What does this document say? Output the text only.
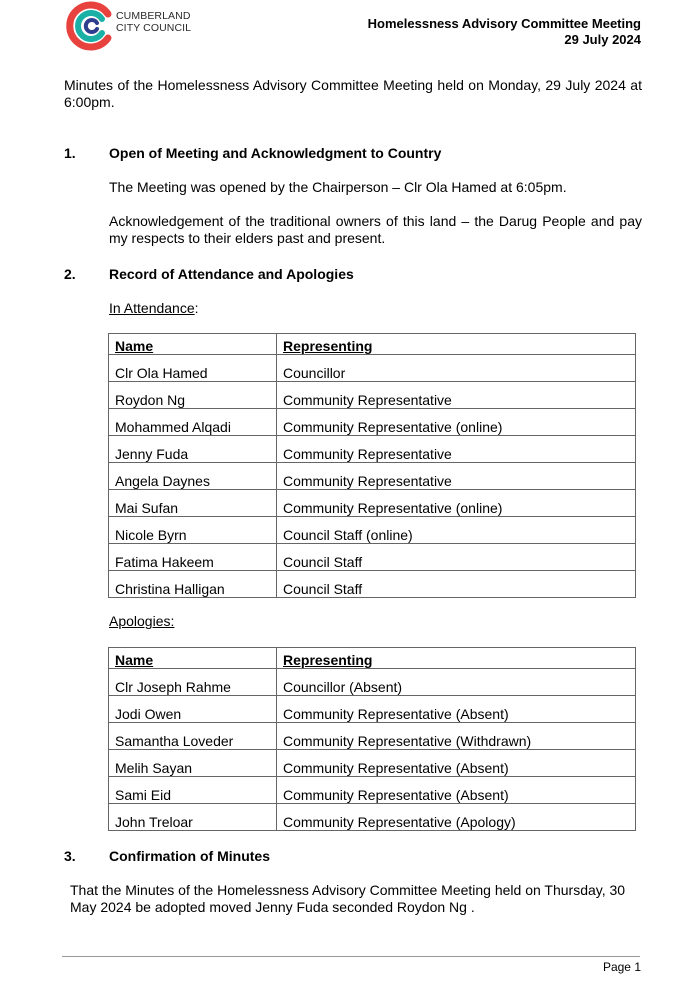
CUMBERLAND
CITY COUNCIL	Homelessness Advisory Committee Meeting
29 July 2024
Minutes of the Homelessness Advisory Committee Meeting held on Monday, 29 July 2024 at 6:00pm.
1. Open of Meeting and Acknowledgment to Country
The Meeting was opened by the Chairperson – Clr Ola Hamed at 6:05pm.
Acknowledgement of the traditional owners of this land – the Darug People and pay my respects to their elders past and present.
2. Record of Attendance and Apologies
In Attendance:
Name	Representing
Clr Ola Hamed	Councillor
Roydon Ng	Community Representative
Mohammed Alqadi	Community Representative (online)
Jenny Fuda	Community Representative
Angela Daynes	Community Representative
Mai Sufan	Community Representative (online)
Nicole Byrn	Council Staff (online)
Fatima Hakeem	Council Staff
Christina Halligan	Council Staff
Apologies:
Name	Representing
Clr Joseph Rahme	Councillor (Absent)
Jodi Owen	Community Representative (Absent)
Samantha Loveder	Community Representative (Withdrawn)
Melih Sayan	Community Representative (Absent)
Sami Eid	Community Representative (Absent)
John Treloar	Community Representative (Apology)
3. Confirmation of Minutes
That the Minutes of the Homelessness Advisory Committee Meeting held on Thursday, 30 May 2024 be adopted moved Jenny Fuda seconded Roydon Ng .
Page 1
